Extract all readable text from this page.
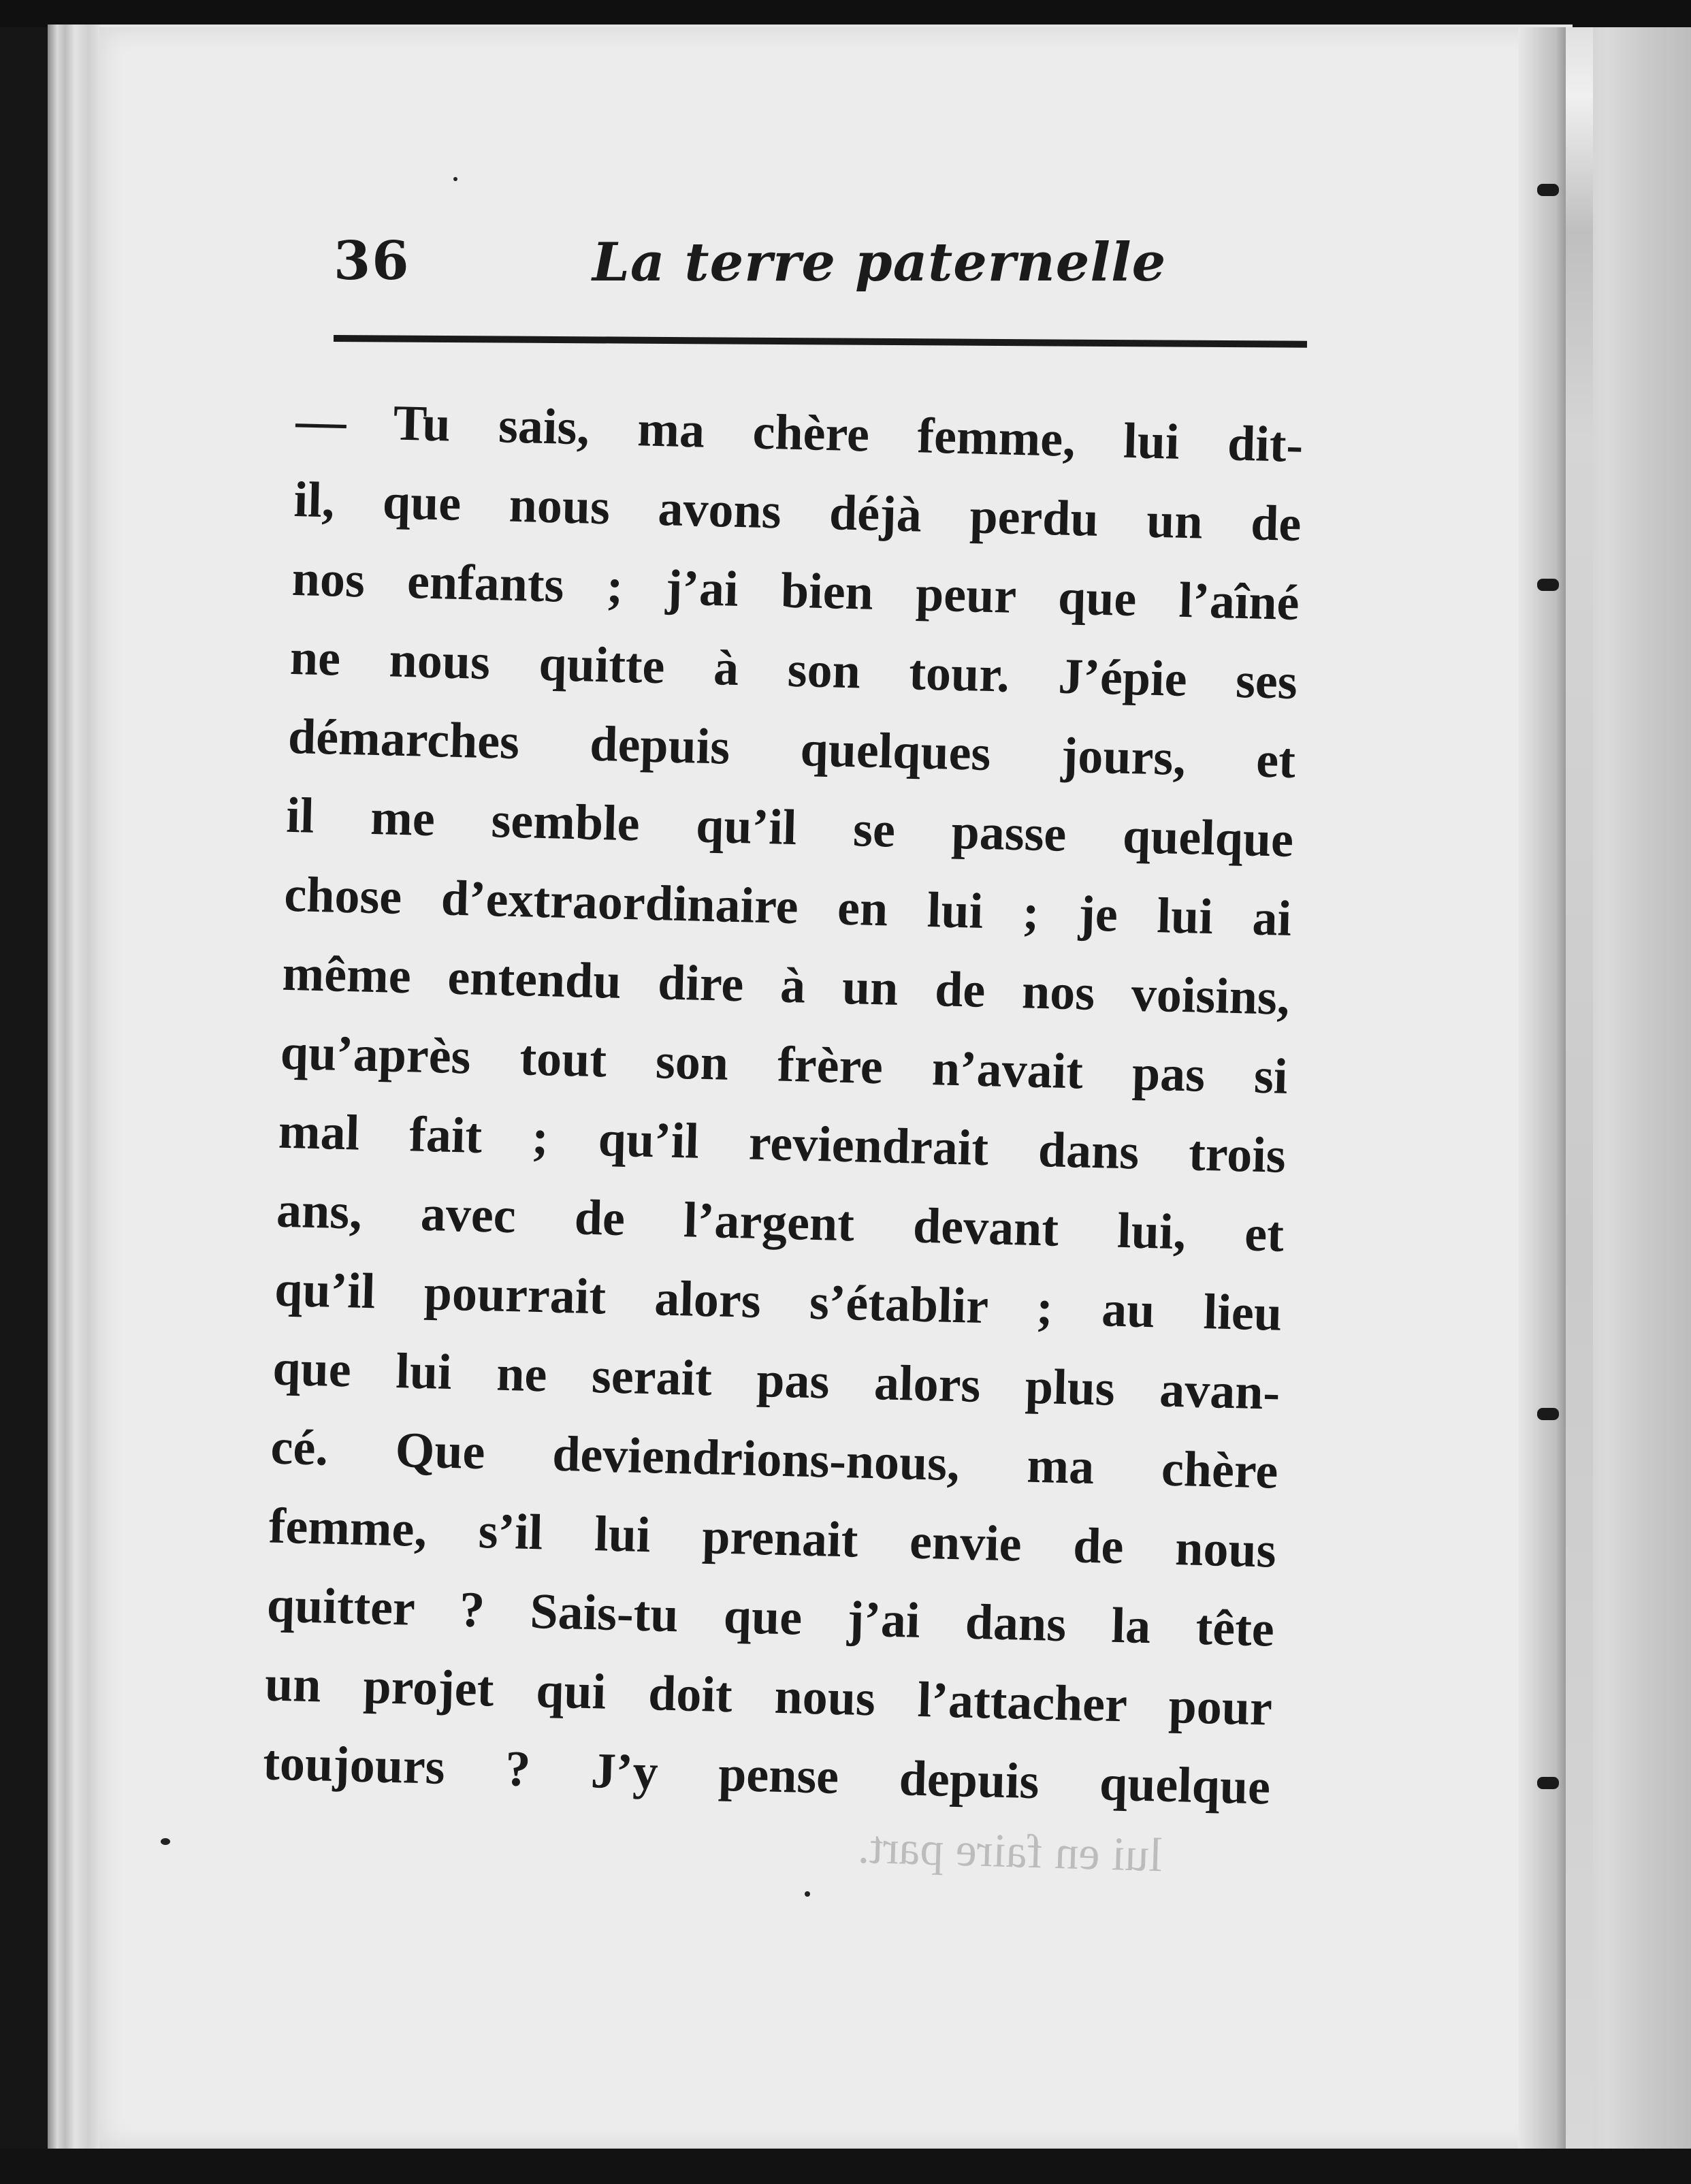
36	La terre paternelle
— Tu sais, ma chère femme, lui dit-
il, que nous avons déjà perdu un de
nos enfants ; j’ai bien peur que l’aîné
ne nous quitte à son tour. J’épie ses
démarches depuis quelques jours, et
il me semble qu’il se passe quelque
chose d’extraordinaire en lui ; je lui ai
même entendu dire à un de nos voisins,
qu’après tout son frère n’avait pas si
mal fait ; qu’il reviendrait dans trois
ans, avec de l’argent devant lui, et
qu’il pourrait alors s’établir ; au lieu
que lui ne serait pas alors plus avan-
cé. Que deviendrions-nous, ma chère
femme, s’il lui prenait envie de nous
quitter ? Sais-tu que j’ai dans la tête
un projet qui doit nous l’attacher pour
toujours ? J’y pense depuis quelque
lui en faire part.
